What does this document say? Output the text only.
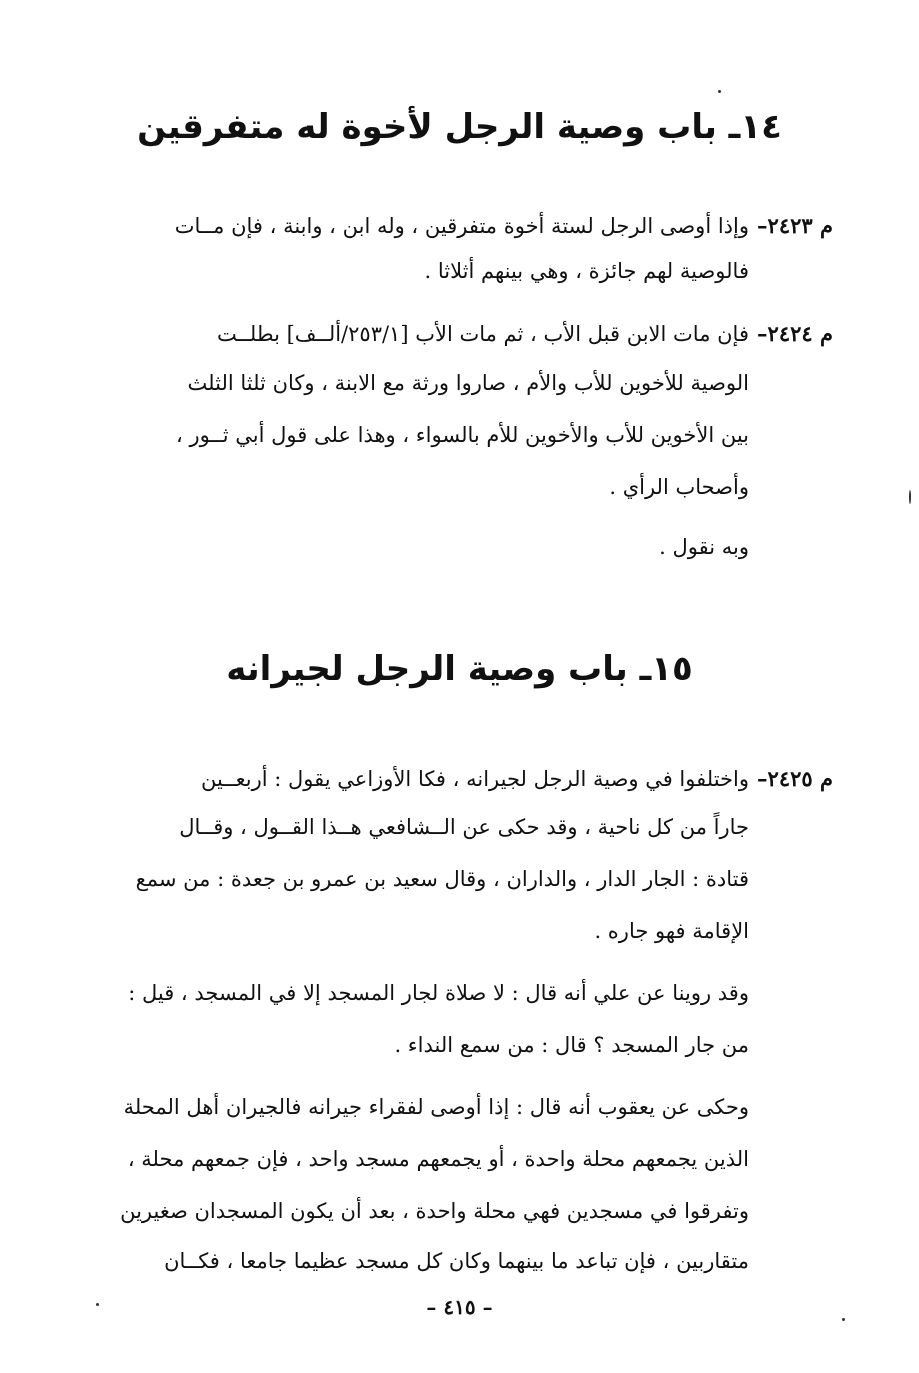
١٤ـ باب وصية الرجل لأخوة له متفرقين
م ٢٤٢٣–
وإذا أوصى الرجل لستة أخوة متفرقين ، وله ابن ، وابنة ، فإن مــات
فالوصية لهم جائزة ، وهي بينهم أثلاثا .
م ٢٤٢٤–
فإن مات الابن قبل الأب ، ثم مات الأب [٢٥٣/١/ألــف] بطلــت
الوصية للأخوين للأب والأم ، صاروا ورثة مع الابنة ، وكان ثلثا الثلث
بين الأخوين للأب والأخوين للأم بالسواء ، وهذا على قول أبي ثــور ،
وأصحاب الرأي .
وبه نقول .
١٥ـ باب وصية الرجل لجيرانه
م ٢٤٢٥–
واختلفوا في وصية الرجل لجيرانه ، فكا الأوزاعي يقول : أربعــين
جاراً من كل ناحية ، وقد حكى عن الــشافعي هــذا القــول ، وقــال
قتادة : الجار الدار ، والداران ، وقال سعيد بن عمرو بن جعدة : من سمع
الإقامة فهو جاره .
وقد روينا عن علي أنه قال : لا صلاة لجار المسجد إلا في المسجد ، قيل :
من جار المسجد ؟ قال : من سمع النداء .
وحكى عن يعقوب أنه قال : إذا أوصى لفقراء جيرانه فالجيران أهل المحلة
الذين يجمعهم محلة واحدة ، أو يجمعهم مسجد واحد ، فإن جمعهم محلة ،
وتفرقوا في مسجدين فهي محلة واحدة ، بعد أن يكون المسجدان صغيرين
متقاربين ، فإن تباعد ما بينهما وكان كل مسجد عظيما جامعا ، فكــان
– ٤١٥ –
